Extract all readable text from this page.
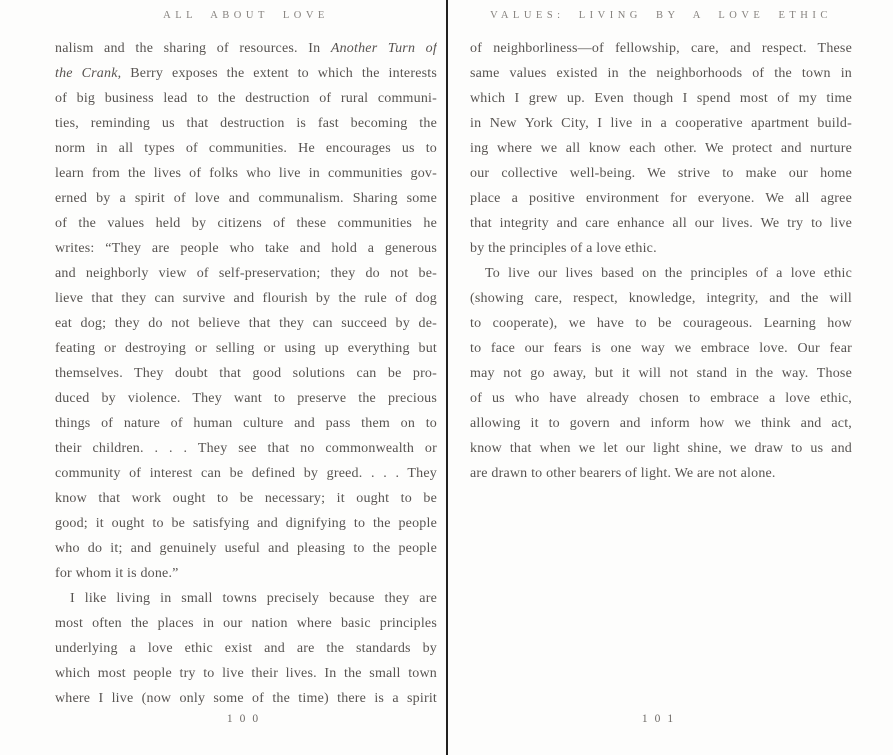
ALL ABOUT LOVE
nalism and the sharing of resources. In Another Turn of
the Crank, Berry exposes the extent to which the interests
of big business lead to the destruction of rural communi-
ties, reminding us that destruction is fast becoming the
norm in all types of communities. He encourages us to
learn from the lives of folks who live in communities gov-
erned by a spirit of love and communalism. Sharing some
of the values held by citizens of these communities he
writes: “They are people who take and hold a generous
and neighborly view of self-preservation; they do not be-
lieve that they can survive and flourish by the rule of dog
eat dog; they do not believe that they can succeed by de-
feating or destroying or selling or using up everything but
themselves. They doubt that good solutions can be pro-
duced by violence. They want to preserve the precious
things of nature of human culture and pass them on to
their children. . . . They see that no commonwealth or
community of interest can be defined by greed. . . . They
know that work ought to be necessary; it ought to be
good; it ought to be satisfying and dignifying to the people
who do it; and genuinely useful and pleasing to the people
for whom it is done.”
I like living in small towns precisely because they are
most often the places in our nation where basic principles
underlying a love ethic exist and are the standards by
which most people try to live their lives. In the small town
where I live (now only some of the time) there is a spirit
100
VALUES: LIVING BY A LOVE ETHIC
of neighborliness—of fellowship, care, and respect. These
same values existed in the neighborhoods of the town in
which I grew up. Even though I spend most of my time
in New York City, I live in a cooperative apartment build-
ing where we all know each other. We protect and nurture
our collective well-being. We strive to make our home
place a positive environment for everyone. We all agree
that integrity and care enhance all our lives. We try to live
by the principles of a love ethic.
To live our lives based on the principles of a love ethic
(showing care, respect, knowledge, integrity, and the will
to cooperate), we have to be courageous. Learning how
to face our fears is one way we embrace love. Our fear
may not go away, but it will not stand in the way. Those
of us who have already chosen to embrace a love ethic,
allowing it to govern and inform how we think and act,
know that when we let our light shine, we draw to us and
are drawn to other bearers of light. We are not alone.
101
